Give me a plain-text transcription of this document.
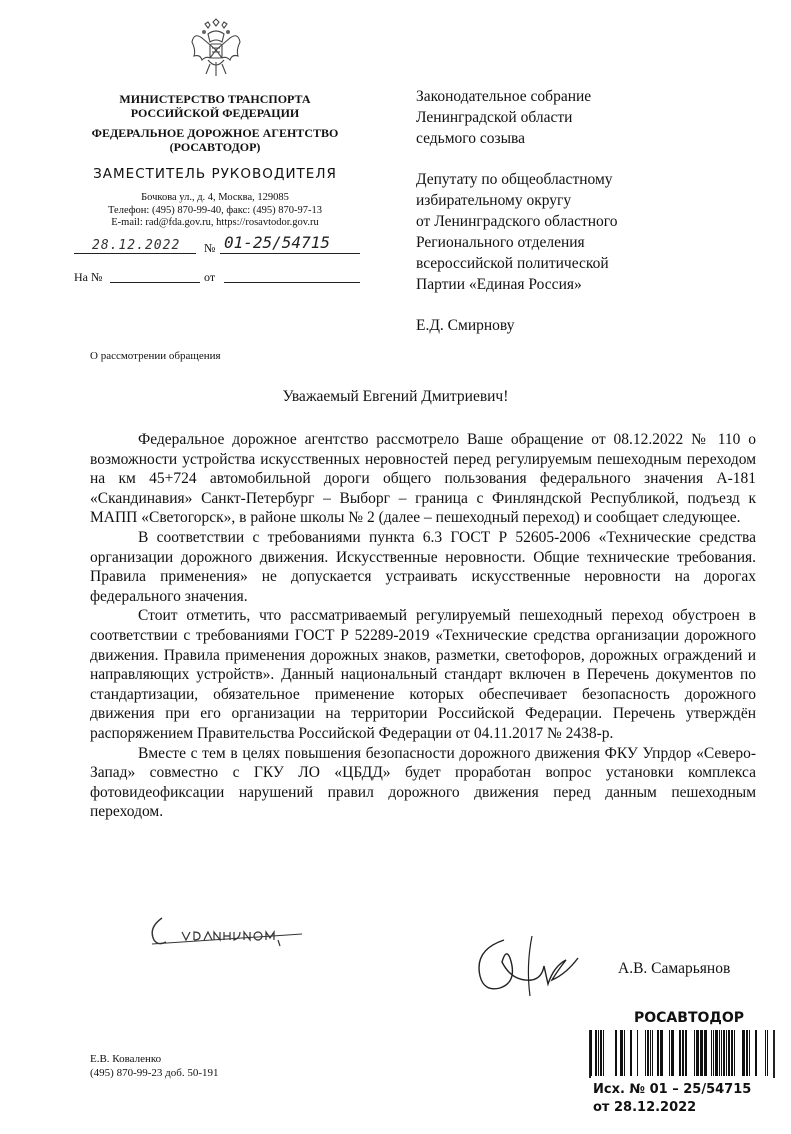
МИНИСТЕРСТВО ТРАНСПОРТА
РОССИЙСКОЙ ФЕДЕРАЦИИ
ФЕДЕРАЛЬНОЕ ДОРОЖНОЕ АГЕНТСТВО
(РОСАВТОДОР)
ЗАМЕСТИТЕЛЬ РУКОВОДИТЕЛЯ
Бочкова ул., д. 4, Москва, 129085
Телефон: (495) 870-99-40, факс: (495) 870-97-13
E-mail: rad@fda.gov.ru, https://rosavtodor.gov.ru
28.12.2022 № 01-25/54715
На №	от
Законодательное собрание
Ленинградской области
седьмого созыва
Депутату по общеобластному
избирательному округу
от Ленинградского областного
Регионального отделения
всероссийской политической
Партии «Единая Россия»
Е.Д. Смирнову
О рассмотрении обращения
Уважаемый Евгений Дмитриевич!

Федеральное дорожное агентство рассмотрело Ваше обращение от 08.12.2022 № 110 о возможности устройства искусственных неровностей перед регулируемым пешеходным переходом на км 45+724 автомобильной дороги общего пользования федерального значения А-181 «Скандинавия» Санкт-Петербург – Выборг – граница с Финляндской Республикой, подъезд к МАПП «Светогорск», в районе школы № 2 (далее – пешеходный переход) и сообщает следующее.

В соответствии с требованиями пункта 6.3 ГОСТ Р 52605-2006 «Технические средства организации дорожного движения. Искусственные неровности. Общие технические требования. Правила применения» не допускается устраивать искусственные неровности на дорогах федерального значения.

Стоит отметить, что рассматриваемый регулируемый пешеходный переход обустроен в соответствии с требованиями ГОСТ Р 52289-2019 «Технические средства организации дорожного движения. Правила применения дорожных знаков, разметки, светофоров, дорожных ограждений и направляющих устройств». Данный национальный стандарт включен в Перечень документов по стандартизации, обязательное применение которых обеспечивает безопасность дорожного движения при его организации на территории Российской Федерации. Перечень утверждён распоряжением Правительства Российской Федерации от 04.11.2017 № 2438-р.

Вместе с тем в целях повышения безопасности дорожного движения ФКУ Упрдор «Северо-Запад» совместно с ГКУ ЛО «ЦБДД» будет проработан вопрос установки комплекса фотовидеофиксации нарушений правил дорожного движения перед данным пешеходным переходом.

А.В. Самарьянов
Е.В. Коваленко
(495) 870-99-23 доб. 50-191
РОСАВТОДОР
Исх. № 01 – 25/54715
от 28.12.2022
